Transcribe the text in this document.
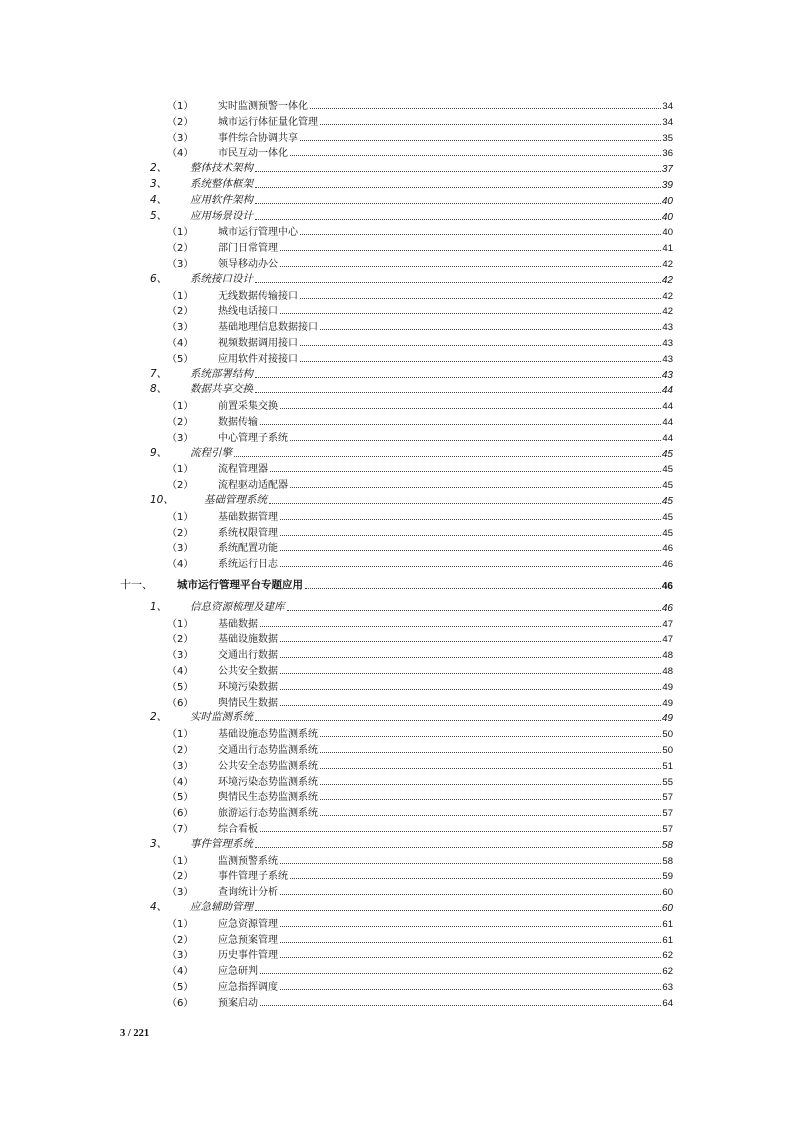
（1） 实时监测预警一体化	34
（2） 城市运行体征量化管理	34
（3） 事件综合协调共享	35
（4） 市民互动一体化	36
2、 整体技术架构	37
3、 系统整体框架	39
4、 应用软件架构	40
5、 应用场景设计	40
（1） 城市运行管理中心	40
（2） 部门日常管理	41
（3） 领导移动办公	42
6、 系统接口设计	42
（1） 无线数据传输接口	42
（2） 热线电话接口	42
（3） 基础地理信息数据接口	43
（4） 视频数据调用接口	43
（5） 应用软件对接接口	43
7、 系统部署结构	43
8、 数据共享交换	44
（1） 前置采集交换	44
（2） 数据传输	44
（3） 中心管理子系统	44
9、 流程引擎	45
（1） 流程管理器	45
（2） 流程驱动适配器	45
10、	基础管理系统	45
（1） 基础数据管理	45
（2） 系统权限管理	45
（3） 系统配置功能	46
（4） 系统运行日志	46
十一、 城市运行管理平台专题应用	46
1、 信息资源梳理及建库	46
（1） 基础数据	47
（2） 基础设施数据	47
（3） 交通出行数据	48
（4） 公共安全数据	48
（5） 环境污染数据	49
（6） 舆情民生数据	49
2、 实时监测系统	49
（1） 基础设施态势监测系统	50
（2） 交通出行态势监测系统	50
（3） 公共安全态势监测系统	51
（4） 环境污染态势监测系统	55
（5） 舆情民生态势监测系统	57
（6） 旅游运行态势监测系统	57
（7） 综合看板	57
3、 事件管理系统	58
（1） 监测预警系统	58
（2） 事件管理子系统	59
（3） 查询统计分析	60
4、 应急辅助管理	60
（1） 应急资源管理	61
（2） 应急预案管理	61
（3） 历史事件管理	62
（4） 应急研判	62
（5） 应急指挥调度	63
（6） 预案启动	64
3 / 221
